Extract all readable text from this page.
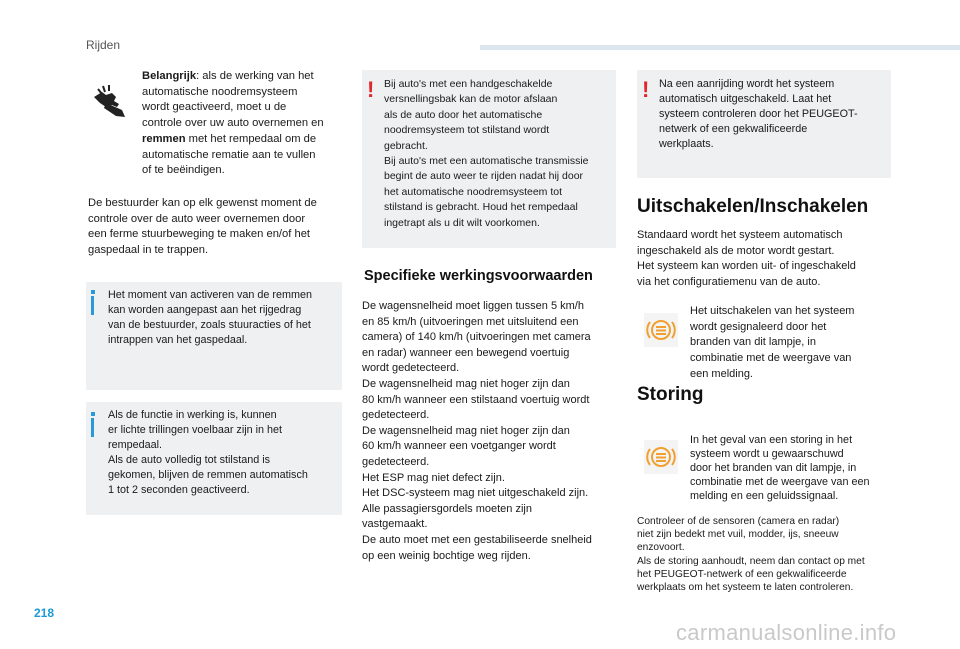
Rijden
Belangrijk: als de werking van het
automatische noodremsysteem
wordt geactiveerd, moet u de
controle over uw auto overnemen en
remmen met het rempedaal om de
automatische rematie aan te vullen
of te beëindigen.
De bestuurder kan op elk gewenst moment de
controle over de auto weer overnemen door
een ferme stuurbeweging te maken en/of het
gaspedaal in te trappen.
Het moment van activeren van de remmen
kan worden aangepast aan het rijgedrag
van de bestuurder, zoals stuuracties of het
intrappen van het gaspedaal.
Als de functie in werking is, kunnen
er lichte trillingen voelbaar zijn in het
rempedaal.
Als de auto volledig tot stilstand is
gekomen, blijven de remmen automatisch
1 tot 2 seconden geactiveerd.
! Bij auto's met een handgeschakelde
versnellingsbak kan de motor afslaan
als de auto door het automatische
noodremsysteem tot stilstand wordt
gebracht.
Bij auto's met een automatische transmissie
begint de auto weer te rijden nadat hij door
het automatische noodremsysteem tot
stilstand is gebracht. Houd het rempedaal
ingetrapt als u dit wilt voorkomen.
Specifieke werkingsvoorwaarden
De wagensnelheid moet liggen tussen 5 km/h
en 85 km/h (uitvoeringen met uitsluitend een
camera) of 140 km/h (uitvoeringen met camera
en radar) wanneer een bewegend voertuig
wordt gedetecteerd.
De wagensnelheid mag niet hoger zijn dan
80 km/h wanneer een stilstaand voertuig wordt
gedetecteerd.
De wagensnelheid mag niet hoger zijn dan
60 km/h wanneer een voetganger wordt
gedetecteerd.
Het ESP mag niet defect zijn.
Het DSC-systeem mag niet uitgeschakeld zijn.
Alle passagiersgordels moeten zijn
vastgemaakt.
De auto moet met een gestabiliseerde snelheid
op een weinig bochtige weg rijden.
! Na een aanrijding wordt het systeem
automatisch uitgeschakeld. Laat het
systeem controleren door het PEUGEOT-
netwerk of een gekwalificeerde
werkplaats.
Uitschakelen/Inschakelen
Standaard wordt het systeem automatisch
ingeschakeld als de motor wordt gestart.
Het systeem kan worden uit- of ingeschakeld
via het configuratiemenu van de auto.
Het uitschakelen van het systeem
wordt gesignaleerd door het
branden van dit lampje, in
combinatie met de weergave van
een melding.
Storing
In het geval van een storing in het
systeem wordt u gewaarschuwd
door het branden van dit lampje, in
combinatie met de weergave van een
melding en een geluidssignaal.
Controleer of de sensoren (camera en radar)
niet zijn bedekt met vuil, modder, ijs, sneeuw
enzovoort.
Als de storing aanhoudt, neem dan contact op met
het PEUGEOT-netwerk of een gekwalificeerde
werkplaats om het systeem te laten controleren.
218
carmanualsonline.info
